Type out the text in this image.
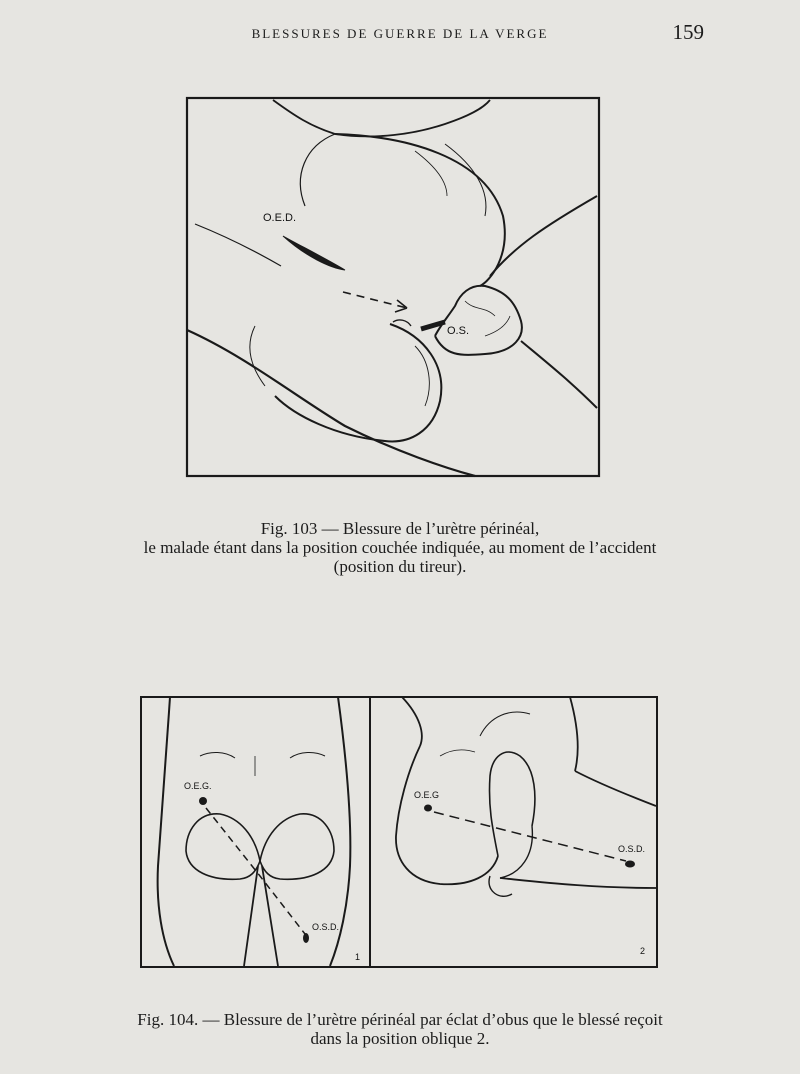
BLESSURES DE GUERRE DE LA VERGE	159
O.E.D.
O.S.
Fig. 103 — Blessure de l’urètre périnéal,
le malade étant dans la position couchée indiquée, au moment de l’accident
(position du tireur).
O.E.G.
O.S.D.
1
O.E.G
O.S.D.
2
Fig. 104. — Blessure de l’urètre périnéal par éclat d’obus que le blessé reçoit
dans la position oblique 2.
